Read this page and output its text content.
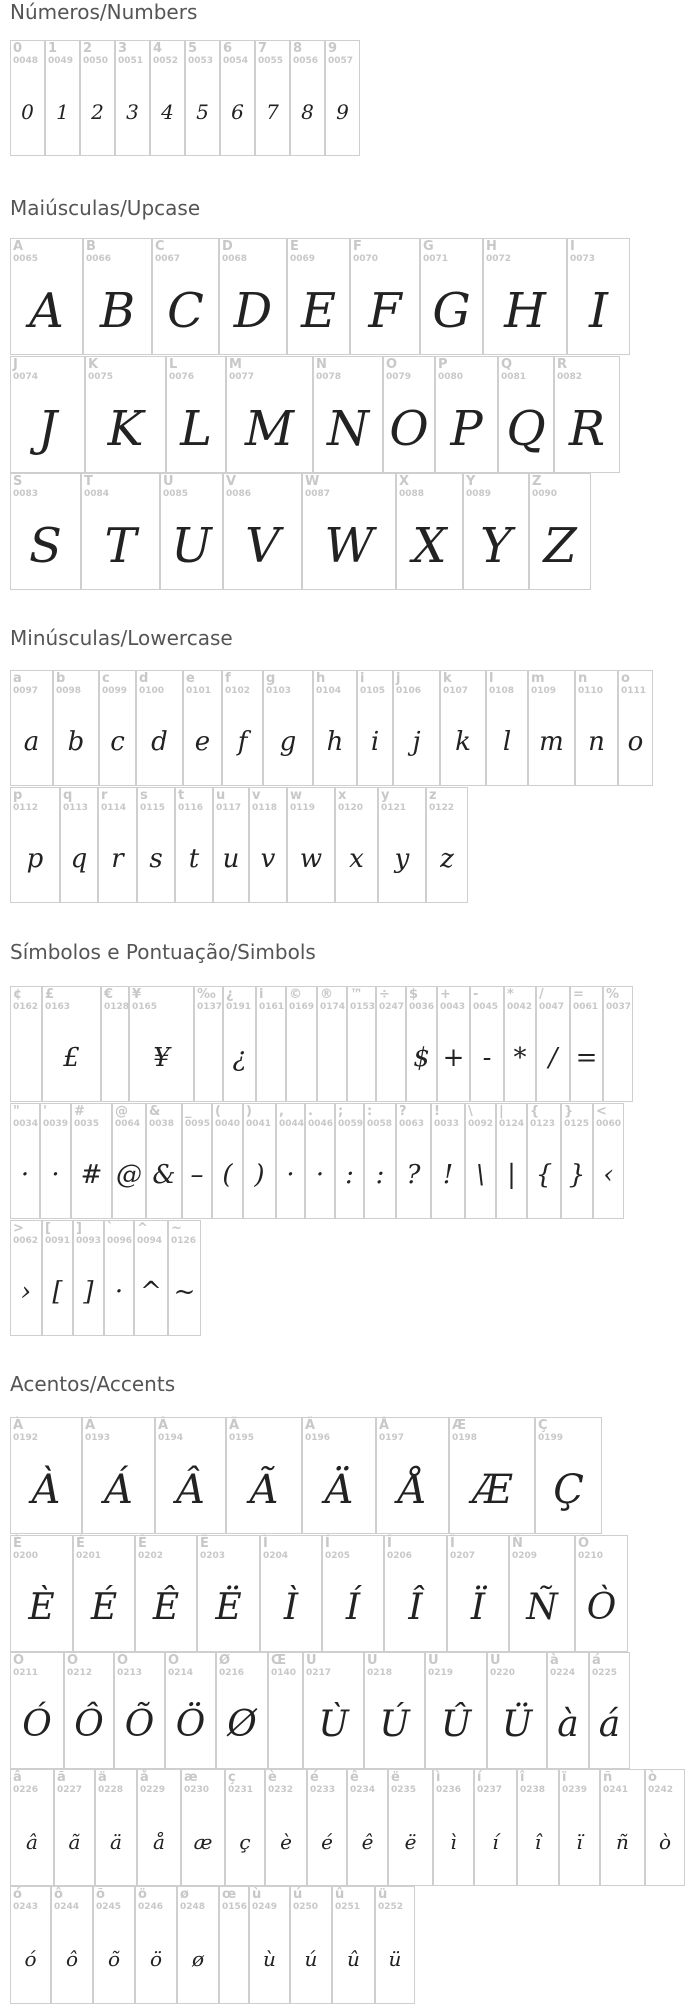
Números/Numbers
0
0048
0
1
0049
1
2
0050
2
3
0051
3
4
0052
4
5
0053
5
6
0054
6
7
0055
7
8
0056
8
9
0057
9
Maiúsculas/Upcase
A
0065
A
B
0066
B
C
0067
C
D
0068
D
E
0069
E
F
0070
F
G
0071
G
H
0072
H
I
0073
I
J
0074
J
K
0075
K
L
0076
L
M
0077
M
N
0078
N
O
0079
O
P
0080
P
Q
0081
Q
R
0082
R
S
0083
S
T
0084
T
U
0085
U
V
0086
V
W
0087
W
X
0088
X
Y
0089
Y
Z
0090
Z
Minúsculas/Lowercase
a
0097
a
b
0098
b
c
0099
c
d
0100
d
e
0101
e
f
0102
f
g
0103
g
h
0104
h
i
0105
i
j
0106
j
k
0107
k
l
0108
l
m
0109
m
n
0110
n
o
0111
o
p
0112
p
q
0113
q
r
0114
r
s
0115
s
t
0116
t
u
0117
u
v
0118
v
w
0119
w
x
0120
x
y
0121
y
z
0122
z
Símbolos e Pontuação/Simbols
¢
0162
£
0163
£
€
0128
¥
0165
¥
‰
0137
¿
0191
¿
i
0161
©
0169
®
0174
™
0153
÷
0247
$
0036
$
+
0043
+
-
0045
-
*
0042
*
/
0047
/
=
0061
=
%
0037
"
0034
·
'
0039
·
#
0035
#
@
0064
@
&
0038
&
_
0095
–
(
0040
(
)
0041
)
,
0044
·
.
0046
·
;
0059
:
:
0058
:
?
0063
?
!
0033
!
\
0092
\
|
0124
|
{
0123
{
}
0125
}
<
0060
‹
>
0062
›
[
0091
[
]
0093
]
`
0096
·
^
0094
^
~
0126
~
Acentos/Accents
À
0192
À
Á
0193
Á
Â
0194
Â
Ã
0195
Ã
Ä
0196
Ä
Å
0197
Å
Æ
0198
Æ
Ç
0199
Ç
È
0200
È
É
0201
É
Ê
0202
Ê
Ë
0203
Ë
Ì
0204
Ì
Í
0205
Í
Î
0206
Î
Ï
0207
Ï
Ñ
0209
Ñ
Ò
0210
Ò
Ó
0211
Ó
Ô
0212
Ô
Õ
0213
Õ
Ö
0214
Ö
Ø
0216
Ø
Œ
0140
Ù
0217
Ù
Ú
0218
Ú
Û
0219
Û
Ü
0220
Ü
à
0224
à
á
0225
á
â
0226
â
ã
0227
ã
ä
0228
ä
å
0229
å
æ
0230
æ
ç
0231
ç
è
0232
è
é
0233
é
ê
0234
ê
ë
0235
ë
ì
0236
ì
í
0237
í
î
0238
î
ï
0239
ï
ñ
0241
ñ
ò
0242
ò
ó
0243
ó
ô
0244
ô
õ
0245
õ
ö
0246
ö
ø
0248
ø
œ
0156
ù
0249
ù
ú
0250
ú
û
0251
û
ü
0252
ü
